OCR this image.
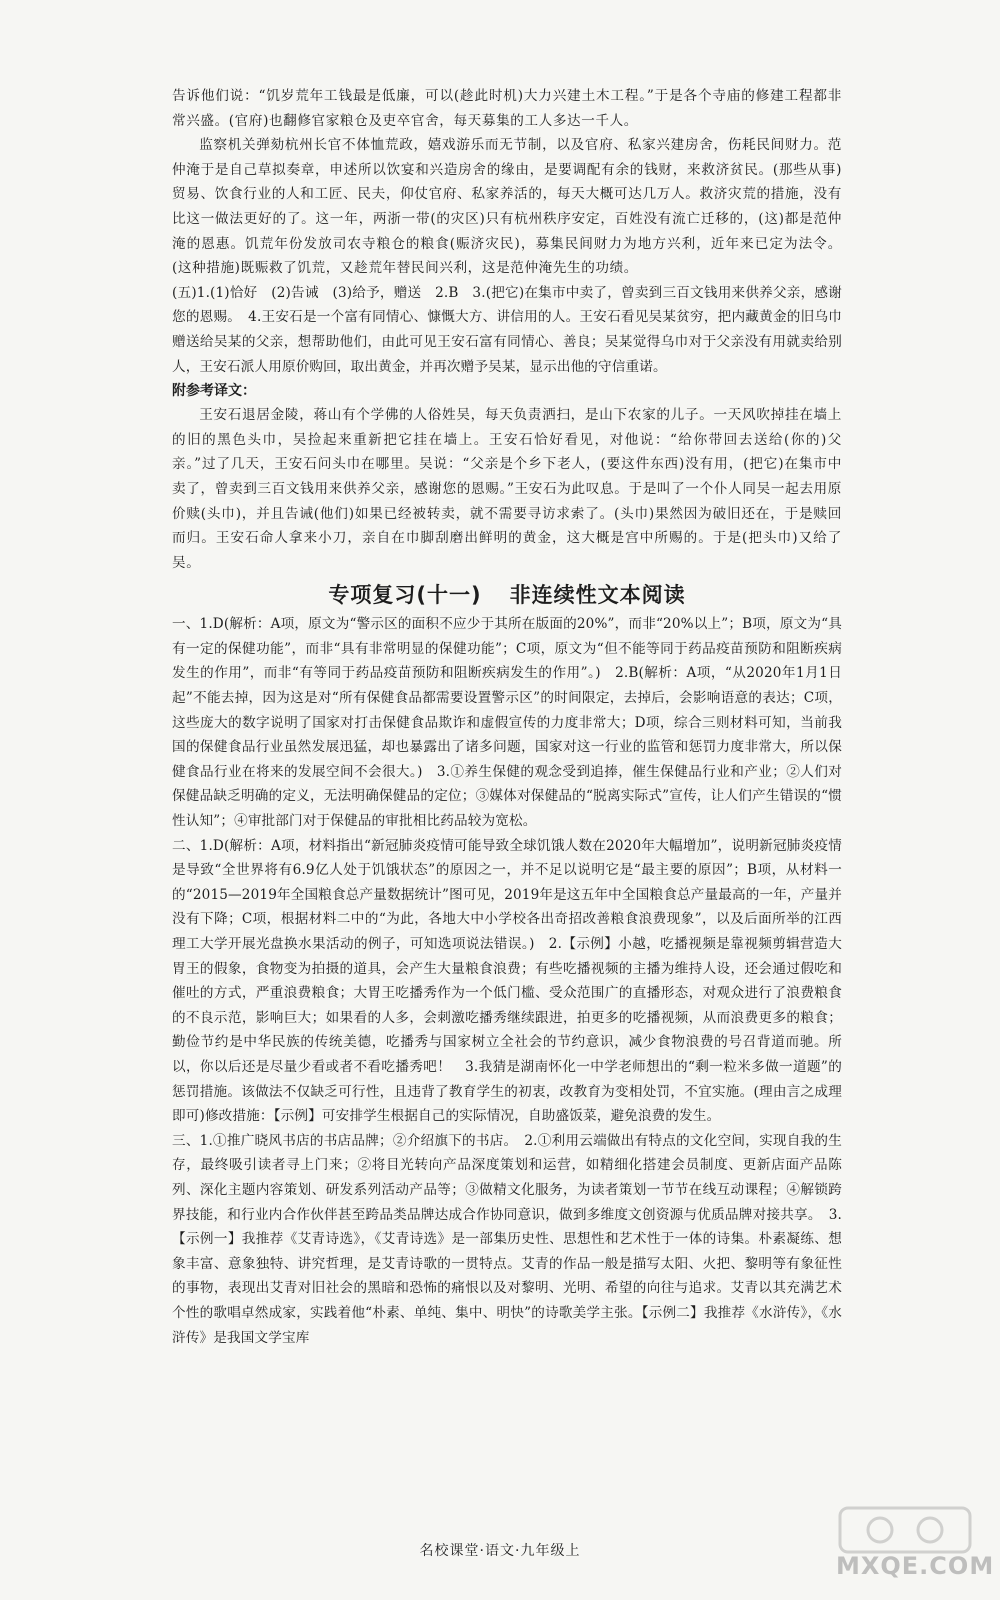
告诉他们说：“饥岁荒年工钱最是低廉，可以(趁此时机)大力兴建土木工程。”于是各个寺庙的修建工程都非常兴盛。(官府)也翻修官家粮仓及吏卒官舍，每天募集的工人多达一千人。

监察机关弹劾杭州长官不体恤荒政，嬉戏游乐而无节制，以及官府、私家兴建房舍，伤耗民间财力。范仲淹于是自己草拟奏章，申述所以饮宴和兴造房舍的缘由，是要调配有余的钱财，来救济贫民。(那些从事)贸易、饮食行业的人和工匠、民夫，仰仗官府、私家养活的，每天大概可达几万人。救济灾荒的措施，没有比这一做法更好的了。这一年，两浙一带(的灾区)只有杭州秩序安定，百姓没有流亡迁移的，(这)都是范仲淹的恩惠。饥荒年份发放司农寺粮仓的粮食(赈济灾民)，募集民间财力为地方兴利，近年来已定为法令。(这种措施)既赈救了饥荒，又趁荒年替民间兴利，这是范仲淹先生的功绩。

(五)1.(1)恰好　(2)告诫　(3)给予，赠送　2.B　3.(把它)在集市中卖了，曾卖到三百文钱用来供养父亲，感谢您的恩赐。　4.王安石是一个富有同情心、慷慨大方、讲信用的人。王安石看见吴某贫穷，把内藏黄金的旧乌巾赠送给吴某的父亲，想帮助他们，由此可见王安石富有同情心、善良；吴某觉得乌巾对于父亲没有用就卖给别人，王安石派人用原价购回，取出黄金，并再次赠予吴某，显示出他的守信重诺。

附参考译文：

王安石退居金陵，蒋山有个学佛的人俗姓吴，每天负责洒扫，是山下农家的儿子。一天风吹掉挂在墙上的旧的黑色头巾，吴捡起来重新把它挂在墙上。王安石恰好看见，对他说：“给你带回去送给(你的)父亲。”过了几天，王安石问头巾在哪里。吴说：“父亲是个乡下老人，(要这件东西)没有用，(把它)在集市中卖了，曾卖到三百文钱用来供养父亲，感谢您的恩赐。”王安石为此叹息。于是叫了一个仆人同吴一起去用原价赎(头巾)，并且告诫(他们)如果已经被转卖，就不需要寻访求索了。(头巾)果然因为破旧还在，于是赎回而归。王安石命人拿来小刀，亲自在巾脚刮磨出鲜明的黄金，这大概是宫中所赐的。于是(把头巾)又给了吴。

专项复习(十一) 非连续性文本阅读

一、1.D(解析：A项，原文为“警示区的面积不应少于其所在版面的20%”，而非“20%以上”；B项，原文为“具有一定的保健功能”，而非“具有非常明显的保健功能”；C项，原文为“但不能等同于药品疫苗预防和阻断疾病发生的作用”，而非“有等同于药品疫苗预防和阻断疾病发生的作用”。)　2.B(解析：A项，“从2020年1月1日起”不能去掉，因为这是对“所有保健食品都需要设置警示区”的时间限定，去掉后，会影响语意的表达；C项，这些庞大的数字说明了国家对打击保健食品欺诈和虚假宣传的力度非常大；D项，综合三则材料可知，当前我国的保健食品行业虽然发展迅猛，却也暴露出了诸多问题，国家对这一行业的监管和惩罚力度非常大，所以保健食品行业在将来的发展空间不会很大。)　3.①养生保健的观念受到追捧，催生保健品行业和产业；②人们对保健品缺乏明确的定义，无法明确保健品的定位；③媒体对保健品的“脱离实际式”宣传，让人们产生错误的“惯性认知”；④审批部门对于保健品的审批相比药品较为宽松。

二、1.D(解析：A项，材料指出“新冠肺炎疫情可能导致全球饥饿人数在2020年大幅增加”，说明新冠肺炎疫情是导致“全世界将有6.9亿人处于饥饿状态”的原因之一，并不足以说明它是“最主要的原因”；B项，从材料一的“2015—2019年全国粮食总产量数据统计”图可见，2019年是这五年中全国粮食总产量最高的一年，产量并没有下降；C项，根据材料二中的“为此，各地大中小学校各出奇招改善粮食浪费现象”，以及后面所举的江西理工大学开展光盘换水果活动的例子，可知选项说法错误。)　2.【示例】小越，吃播视频是靠视频剪辑营造大胃王的假象，食物变为拍摄的道具，会产生大量粮食浪费；有些吃播视频的主播为维持人设，还会通过假吃和催吐的方式，严重浪费粮食；大胃王吃播秀作为一个低门槛、受众范围广的直播形态，对观众进行了浪费粮食的不良示范，影响巨大；如果看的人多，会刺激吃播秀继续跟进，拍更多的吃播视频，从而浪费更多的粮食；勤俭节约是中华民族的传统美德，吃播秀与国家树立全社会的节约意识，减少食物浪费的号召背道而驰。所以，你以后还是尽量少看或者不看吃播秀吧！　3.我猜是湖南怀化一中学老师想出的“剩一粒米多做一道题”的惩罚措施。该做法不仅缺乏可行性，且违背了教育学生的初衷，改教育为变相处罚，不宜实施。(理由言之成理即可)修改措施：【示例】可安排学生根据自己的实际情况，自助盛饭菜，避免浪费的发生。

三、1.①推广晓风书店的书店品牌；②介绍旗下的书店。　2.①利用云端做出有特点的文化空间，实现自我的生存，最终吸引读者寻上门来；②将目光转向产品深度策划和运营，如精细化搭建会员制度、更新店面产品陈列、深化主题内容策划、研发系列活动产品等；③做精文化服务，为读者策划一节节在线互动课程；④解锁跨界技能，和行业内合作伙伴甚至跨品类品牌达成合作协同意识，做到多维度文创资源与优质品牌对接共享。　3.【示例一】我推荐《艾青诗选》，《艾青诗选》是一部集历史性、思想性和艺术性于一体的诗集。朴素凝练、想象丰富、意象独特、讲究哲理，是艾青诗歌的一贯特点。艾青的作品一般是描写太阳、火把、黎明等有象征性的事物，表现出艾青对旧社会的黑暗和恐怖的痛恨以及对黎明、光明、希望的向往与追求。艾青以其充满艺术个性的歌唱卓然成家，实践着他“朴素、单纯、集中、明快”的诗歌美学主张。【示例二】我推荐《水浒传》，《水浒传》是我国文学宝库

名校课堂·语文·九年级上
MXQE.COM
